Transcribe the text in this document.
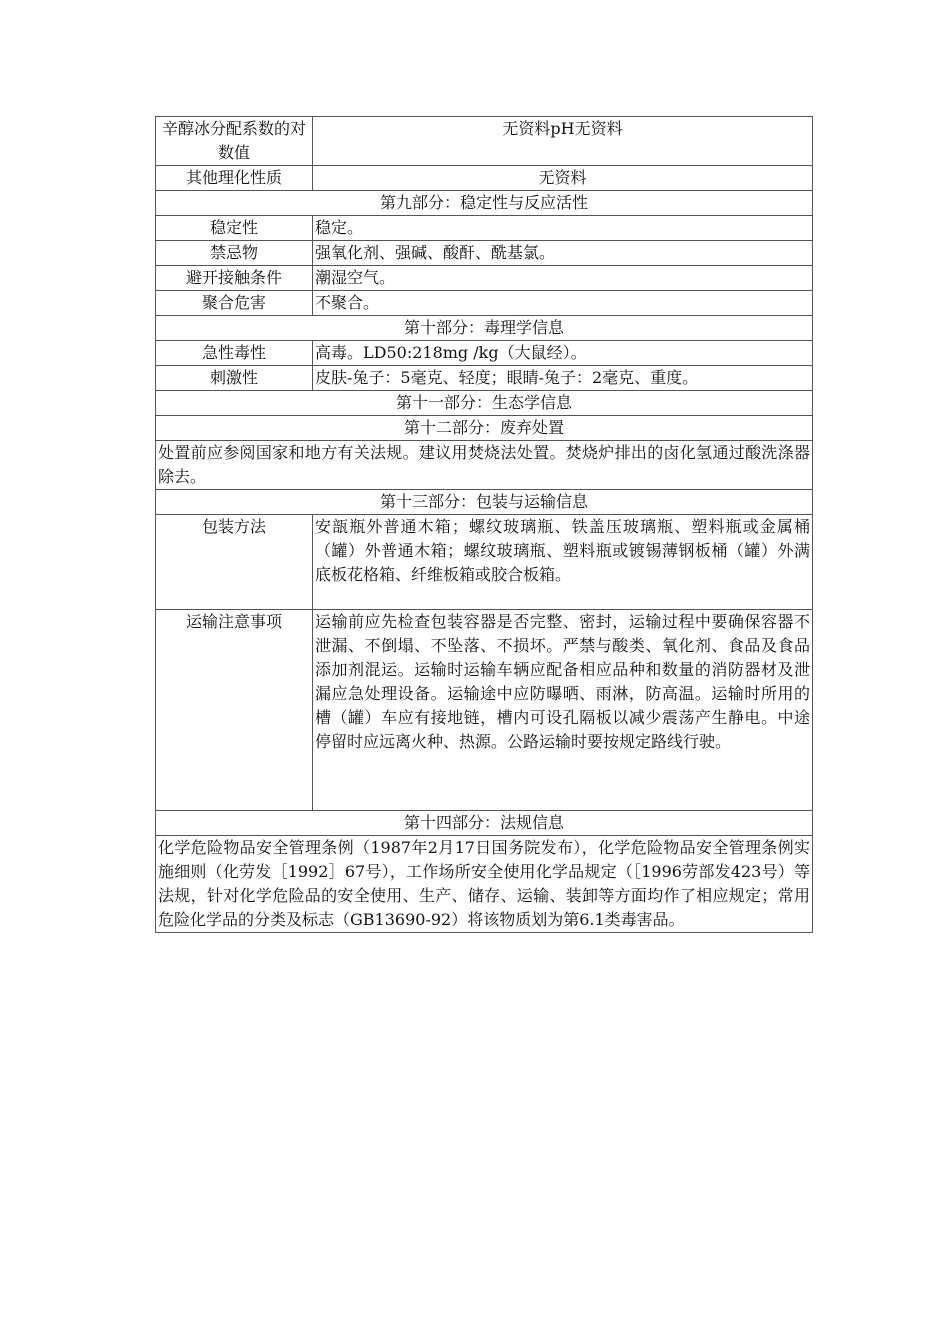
辛醇冰分配系数的对数值	无资料pH无资料
其他理化性质	无资料
第九部分：稳定性与反应活性	
稳定性	稳定。
禁忌物	强氧化剂、强碱、酸酐、酰基氯。
避开接触条件	潮湿空气。
聚合危害	不聚合。
第十部分：毒理学信息	
急性毒性	高毒。LD50:218mg /kg（大鼠经）。
刺激性	皮肤-兔子：5毫克、轻度；眼睛-兔子：2毫克、重度。
第十一部分：生态学信息	
第十二部分：废弃处置	
处置前应参阅国家和地方有关法规。建议用焚烧法处置。焚烧炉排出的卤化氢通过酸洗涤器除去。	
第十三部分：包装与运输信息	
包装方法	安瓿瓶外普通木箱；螺纹玻璃瓶、铁盖压玻璃瓶、塑料瓶或金属桶（罐）外普通木箱；螺纹玻璃瓶、塑料瓶或镀锡薄钢板桶（罐）外满底板花格箱、纤维板箱或胶合板箱。
运输注意事项	运输前应先检查包装容器是否完整、密封，运输过程中要确保容器不泄漏、不倒塌、不坠落、不损坏。严禁与酸类、氧化剂、食品及食品添加剂混运。运输时运输车辆应配备相应品种和数量的消防器材及泄漏应急处理设备。运输途中应防曝晒、雨淋，防高温。运输时所用的槽（罐）车应有接地链，槽内可设孔隔板以减少震荡产生静电。中途停留时应远离火种、热源。公路运输时要按规定路线行驶。
第十四部分：法规信息	
化学危险物品安全管理条例（1987年2月17日国务院发布），化学危险物品安全管理条例实施细则（化劳发［1992］67号），工作场所安全使用化学品规定（［1996劳部发423号）等法规，针对化学危险品的安全使用、生产、储存、运输、装卸等方面均作了相应规定；常用危险化学品的分类及标志（GB13690-92）将该物质划为第6.1类毒害品。	
